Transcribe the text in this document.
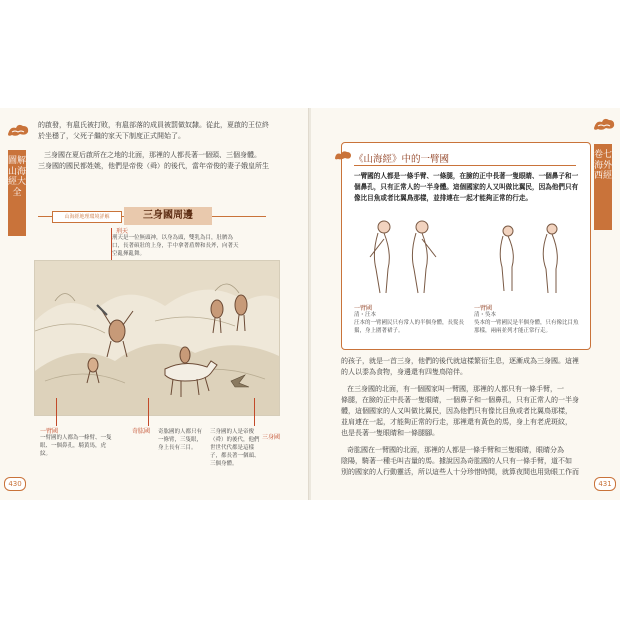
圖解山海經大全
的啟發，有扈氏被打敗，有扈部落的成員被罰做奴隸。從此，夏啟的王位終
於坐穩了，父死子繼的家天下制度正式開始了。
三身國在夏后啟所在之地的北面，那裡的人都長著一個頭、三個身體。
三身國的國民都姓姚，他們是帝俊（舜）的後代，當年帝俊的妻子娥皇所生
山海經地理環境詳解	三身國周邊
刑天
刑天是一位無頭神，以身為頭，雙乳為目，肚臍為口，長著碩壯的上身，手中拿著盾牌和長斧，向著天空亂揮亂舞。
一臂國
一臂國的人都為一條臂、一隻眼、一個鼻孔，騎黃馬，虎紋。
奇肱國 奇肱國的人都只有一條臂，三隻眼，身上長有三目。
三身國
三身國的人是帝俊（舜）的後代，他們世世代代都是這樣子，都長著一個頭、三個身體。
430
卷七海外西經
《山海經》中的一臂國
一臂國的人都是一條手臂、一條腿，在臉的正中長著一隻眼睛、一個鼻子和一個鼻孔，只有正常人的一半身體。這個國家的人又叫做比翼民，因為他們只有像比目魚或者比翼鳥那樣，並排連在一起才能夠正常的行走。
一臂國
清・汪本
汪本的一臂國民只有常人的半個身體，長髮長鬚，身上圍著裙子。
一臂國
清・吳本
吳本的一臂國民是半個身體，只有像比目魚那樣，兩兩並列才能正常行走。
的孩子，就是一首三身，他們的後代就這樣繁衍生息，逐漸成為三身國。這裡
的人以黍為食物，身邊還有四隻鳥陪伴。
在三身國的北面，有一個國家叫一臂國，那裡的人都只有一條手臂，一
條腿，在臉的正中長著一隻眼睛，一個鼻子和一個鼻孔，只有正常人的一半身
體，這個國家的人又叫做比翼民，因為他們只有像比目魚或者比翼鳥那樣，
並肩連在一起，才能夠正常的行走，那裡還有黃色的馬，身上有老虎斑紋，
也是長著一隻眼睛和一條腿腳。
奇肱國在一臂國的北面，那裡的人都是一條手臂和三隻眼睛，眼睛分為
陰陽，騎著一種毛叫吉量的馬。據說因為奇肱國的人只有一條手臂，道不如
別的國家的人行動靈活，所以這些人十分珍惜時間，就算夜間也用勁眼工作而
431
